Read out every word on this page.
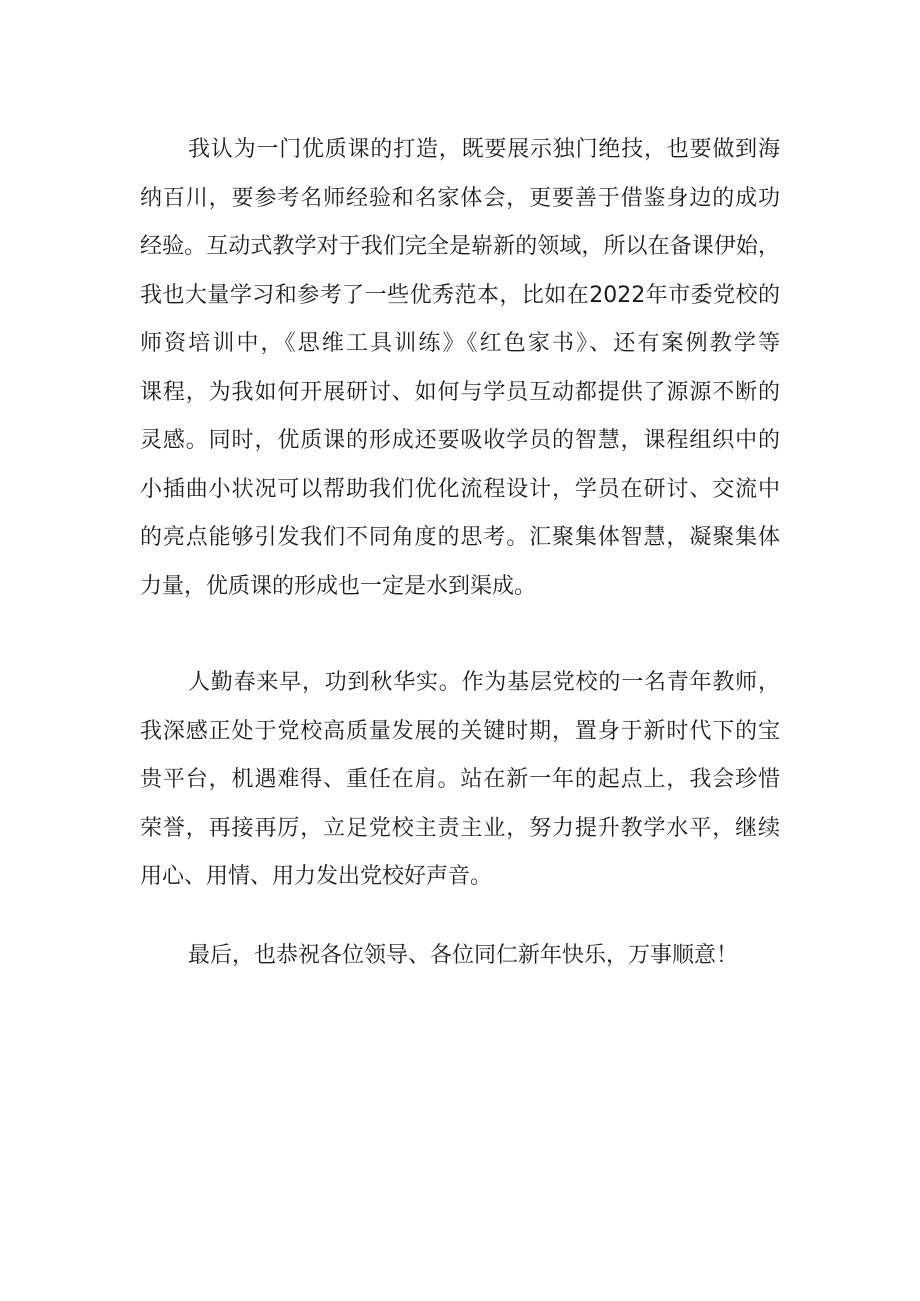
我认为一门优质课的打造，既要展示独门绝技，也要做到海
纳百川，要参考名师经验和名家体会，更要善于借鉴身边的成功
经验。互动式教学对于我们完全是崭新的领域，所以在备课伊始，
我也大量学习和参考了一些优秀范本，比如在2022年市委党校的
师资培训中，《思维工具训练》《红色家书》、还有案例教学等
课程，为我如何开展研讨、如何与学员互动都提供了源源不断的
灵感。同时，优质课的形成还要吸收学员的智慧，课程组织中的
小插曲小状况可以帮助我们优化流程设计，学员在研讨、交流中
的亮点能够引发我们不同角度的思考。汇聚集体智慧，凝聚集体
力量，优质课的形成也一定是水到渠成。

人勤春来早，功到秋华实。作为基层党校的一名青年教师，
我深感正处于党校高质量发展的关键时期，置身于新时代下的宝
贵平台，机遇难得、重任在肩。站在新一年的起点上，我会珍惜
荣誉，再接再厉，立足党校主责主业，努力提升教学水平，继续
用心、用情、用力发出党校好声音。

最后，也恭祝各位领导、各位同仁新年快乐，万事顺意！
